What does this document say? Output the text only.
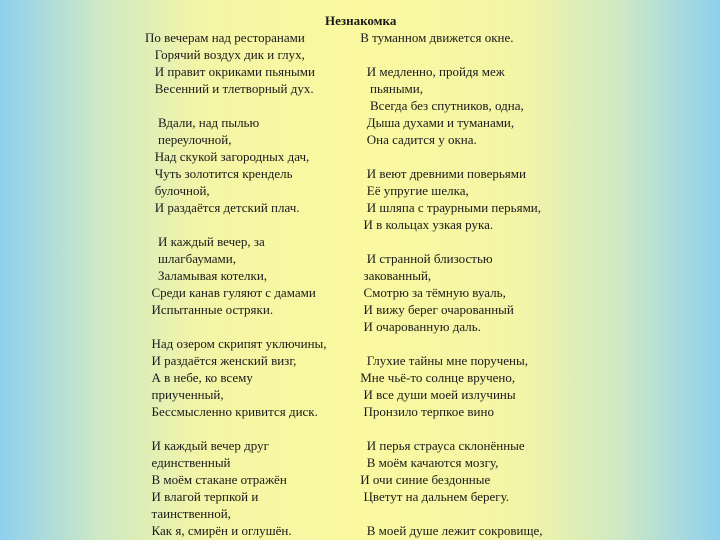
Незнакомка
По вечерам над ресторанами
Горячий воздух дик и глух,
И правит окриками пьяными
Весенний и тлетворный дух.
Вдали, над пылью
переулочной,
Над скукой загородных дач,
Чуть золотится крендель
булочной,
И раздаётся детский плач.
И каждый вечер, за
шлагбаумами,
Заламывая котелки,
Среди канав гуляют с дамами
Испытанные остряки.
Над озером скрипят уключины,
И раздаётся женский визг,
А в небе, ко всему
приученный,
Бессмысленно кривится диск.
И каждый вечер друг
единственный
В моём стакане отражён
И влагой терпкой и
таинственной,
Как я, смирён и оглушён.
В туманном движется окне.
И медленно, пройдя меж
пьяными,
Всегда без спутников, одна,
Дыша духами и туманами,
Она садится у окна.
И веют древними поверьями
Её упругие шелка,
И шляпа с траурными перьями,
И в кольцах узкая рука.
И странной близостью
закованный,
Смотрю за тёмную вуаль,
И вижу берег очарованный
И очарованную даль.
Глухие тайны мне поручены,
Мне чьё-то солнце вручено,
И все души моей излучины
Пронзило терпкое вино
И перья страуса склонённые
В моём качаются мозгу,
И очи синие бездонные
Цветут на дальнем берегу.
В моей душе лежит сокровище,
